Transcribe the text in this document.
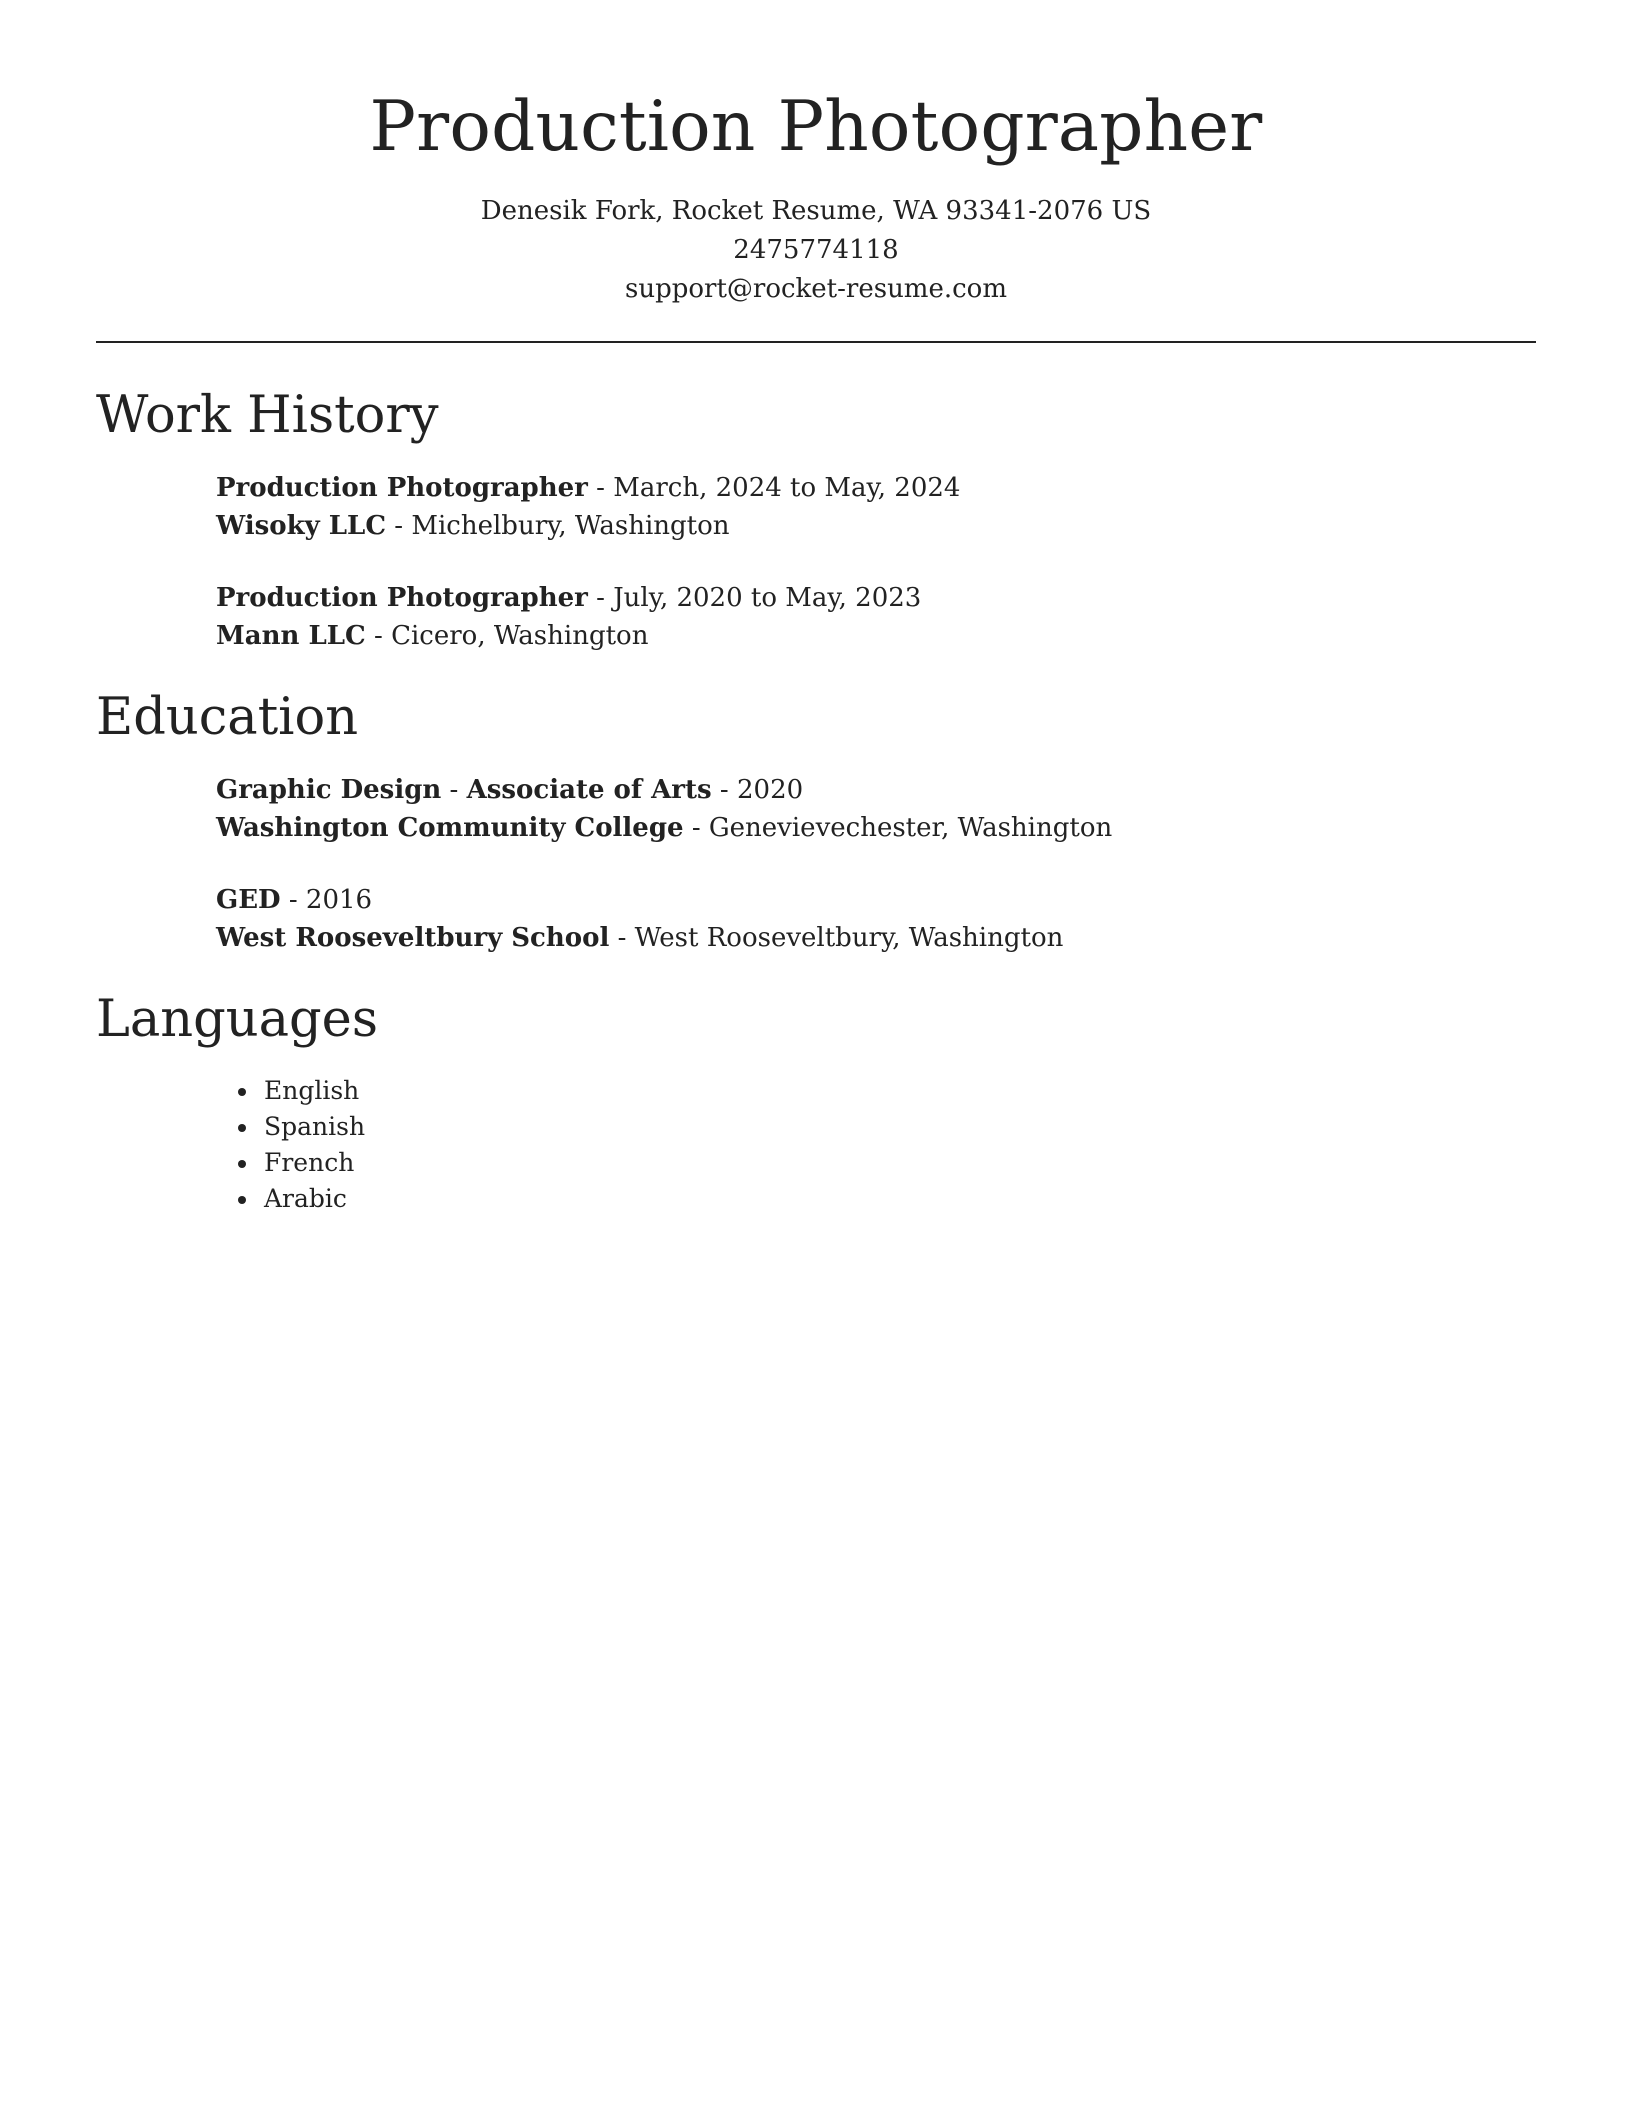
Production Photographer
Denesik Fork, Rocket Resume, WA 93341-2076 US
2475774118
support@rocket-resume.com
Work History
Production Photographer - March, 2024 to May, 2024
Wisoky LLC - Michelbury, Washington
Production Photographer - July, 2020 to May, 2023
Mann LLC - Cicero, Washington
Education
Graphic Design - Associate of Arts - 2020
Washington Community College - Genevievechester, Washington
GED - 2016
West Rooseveltbury School - West Rooseveltbury, Washington
Languages
• English
• Spanish
• French
• Arabic
